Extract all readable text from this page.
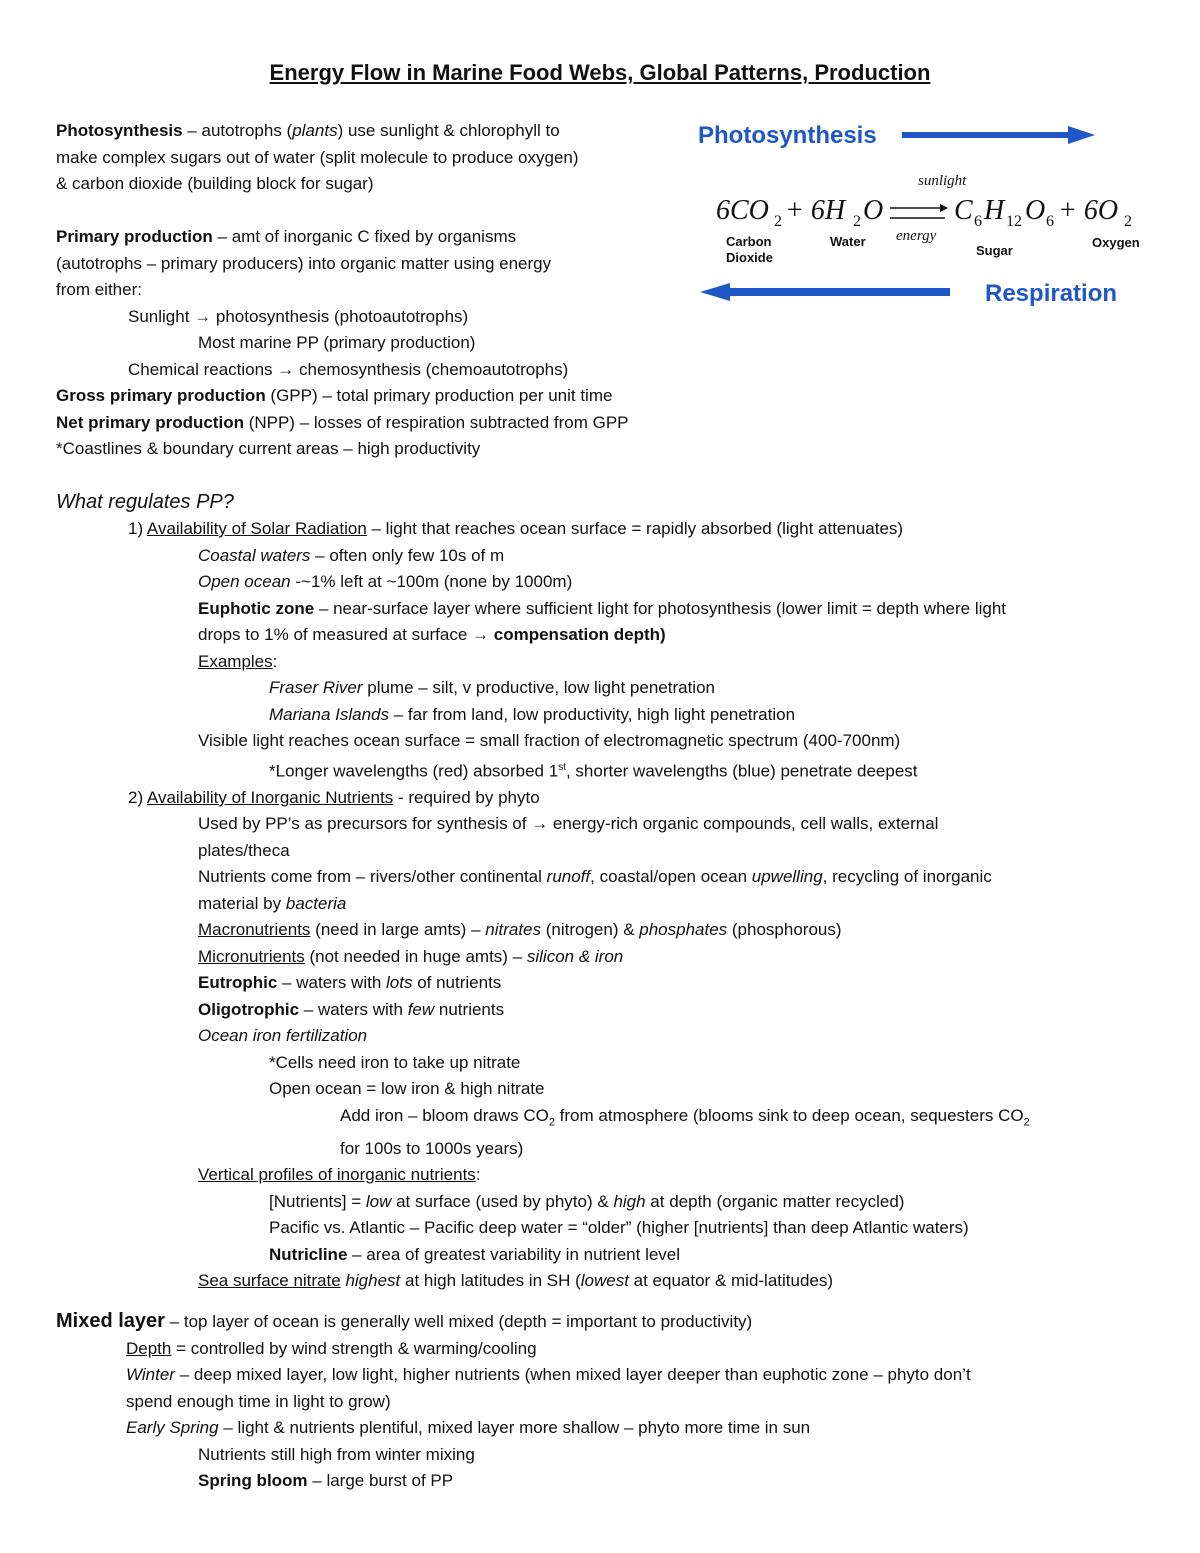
Energy Flow in Marine Food Webs, Global Patterns, Production
Photosynthesis – autotrophs (plants) use sunlight & chlorophyll to
make complex sugars out of water (split molecule to produce oxygen)
& carbon dioxide (building block for sugar)

Primary production – amt of inorganic C fixed by organisms
(autotrophs – primary producers) into organic matter using energy
from either:
Sunlight → photosynthesis (photoautotrophs)
Most marine PP (primary production)
Chemical reactions → chemosynthesis (chemoautotrophs)
Gross primary production (GPP) – total primary production per unit time
Net primary production (NPP) – losses of respiration subtracted from GPP
*Coastlines & boundary current areas – high productivity
Photosynthesis
sunlight
6CO 2 + 6H 2 O	C 6 H 12 O 6 + 6O 2
energy
Carbon
Dioxide
Water
Sugar
Oxygen
Respiration
What regulates PP?
1) Availability of Solar Radiation – light that reaches ocean surface = rapidly absorbed (light attenuates)
Coastal waters – often only few 10s of m
Open ocean -~1% left at ~100m (none by 1000m)
Euphotic zone – near-surface layer where sufficient light for photosynthesis (lower limit = depth where light
drops to 1% of measured at surface → compensation depth)
Examples:
Fraser River plume – silt, v productive, low light penetration
Mariana Islands – far from land, low productivity, high light penetration
Visible light reaches ocean surface = small fraction of electromagnetic spectrum (400-700nm)
*Longer wavelengths (red) absorbed 1st, shorter wavelengths (blue) penetrate deepest
2) Availability of Inorganic Nutrients - required by phyto
Used by PP’s as precursors for synthesis of → energy-rich organic compounds, cell walls, external
plates/theca
Nutrients come from – rivers/other continental runoff, coastal/open ocean upwelling, recycling of inorganic
material by bacteria
Macronutrients (need in large amts) – nitrates (nitrogen) & phosphates (phosphorous)
Micronutrients (not needed in huge amts) – silicon & iron
Eutrophic – waters with lots of nutrients
Oligotrophic – waters with few nutrients
Ocean iron fertilization
*Cells need iron to take up nitrate
Open ocean = low iron & high nitrate
Add iron – bloom draws $CO_2$ from atmosphere (blooms sink to deep ocean, sequesters $CO_2$
for 100s to 1000s years)
Vertical profiles of inorganic nutrients:
[Nutrients] = low at surface (used by phyto) & high at depth (organic matter recycled)
Pacific vs. Atlantic – Pacific deep water = “older” (higher [nutrients] than deep Atlantic waters)
Nutricline – area of greatest variability in nutrient level
Sea surface nitrate highest at high latitudes in SH (lowest at equator & mid-latitudes)
Mixed layer – top layer of ocean is generally well mixed (depth = important to productivity)
Depth = controlled by wind strength & warming/cooling
Winter – deep mixed layer, low light, higher nutrients (when mixed layer deeper than euphotic zone – phyto don’t
spend enough time in light to grow)
Early Spring – light & nutrients plentiful, mixed layer more shallow – phyto more time in sun
Nutrients still high from winter mixing
Spring bloom – large burst of PP
